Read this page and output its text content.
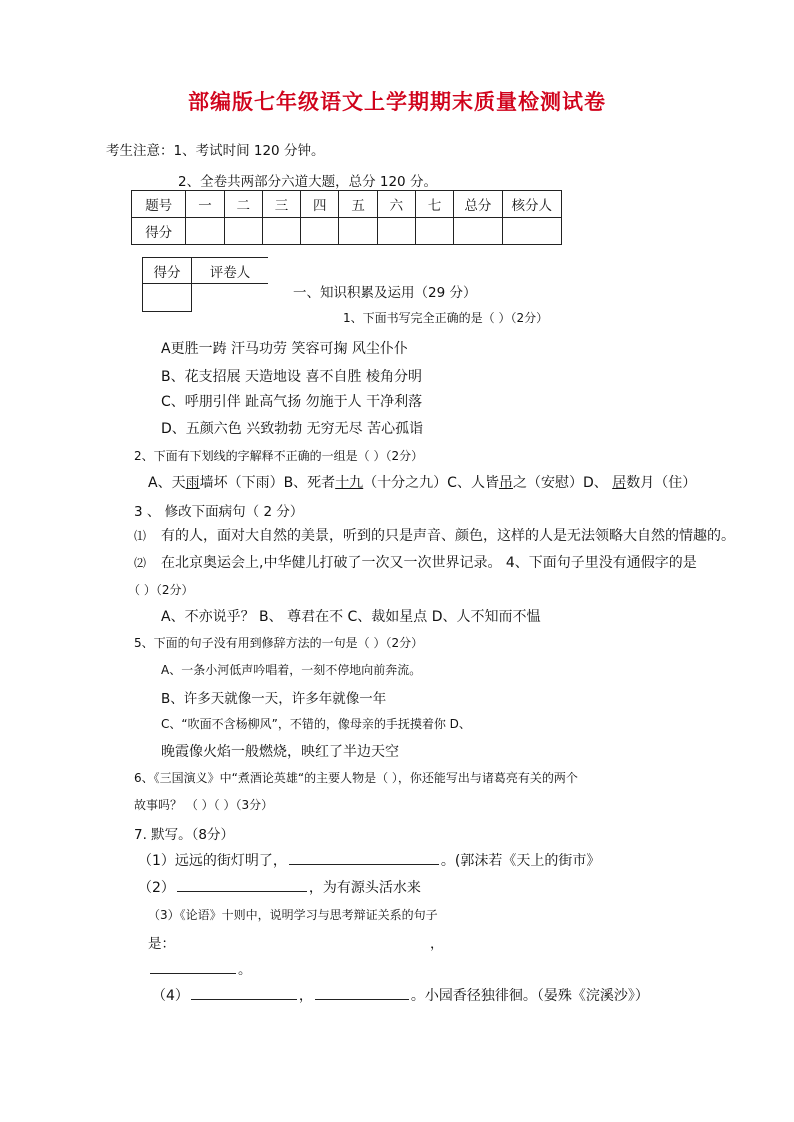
部编版七年级语文上学期期末质量检测试卷
考生注意：1、考试时间 120 分钟。
2、全卷共两部分六道大题，总分 120 分。
题号	一	二	三	四	五	六	七	总分	核分人
得分									
得分	评卷人

一、知识积累及运用（29 分）
1、下面书写完全正确的是（ ）（2分）
A更胜一踌 汗马功劳 笑容可掬 风尘仆仆
B、花支招展 天造地设 喜不自胜 棱角分明
C、呼朋引伴 趾高气扬 勿施于人 干净利落
D、五颜六色 兴致勃勃 无穷无尽 苦心孤诣
2、下面有下划线的字解释不正确的一组是（ ）（2分）
A、天雨墙坏（下雨）B、死者十九（十分之九）C、人皆吊之（安慰）D、 居数月（住）
3 、 修改下面病句（ 2 分）
⑴ 有的人，面对大自然的美景，听到的只是声音、颜色，这样的人是无法领略大自然的情趣的。
⑵ 在北京奥运会上,中华健儿打破了一次又一次世界记录。 4、下面句子里没有通假字的是
（ ）（2分）
A、不亦说乎？ B、 尊君在不 C、裁如星点 D、人不知而不愠
5、下面的句子没有用到修辞方法的一句是（ ）（2分）
A、一条小河低声吟唱着，一刻不停地向前奔流。
B、许多天就像一天，许多年就像一年
C、“吹面不含杨柳风”，不错的，像母亲的手抚摸着你 D、
晚霞像火焰一般燃烧，映红了半边天空
6、《三国演义》中“煮酒论英雄“的主要人物是（ ），你还能写出与诸葛亮有关的两个
故事吗？ （ ）（ ）（3分）
7. 默写。（8分）
（1）远远的街灯明了，	。(郭沫若《天上的街市》
（2）	，为有源头活水来
（3）《论语》十则中，说明学习与思考辩证关系的句子
是：	，
。
（4）	，	。小园香径独徘徊。（晏殊《浣溪沙》）
